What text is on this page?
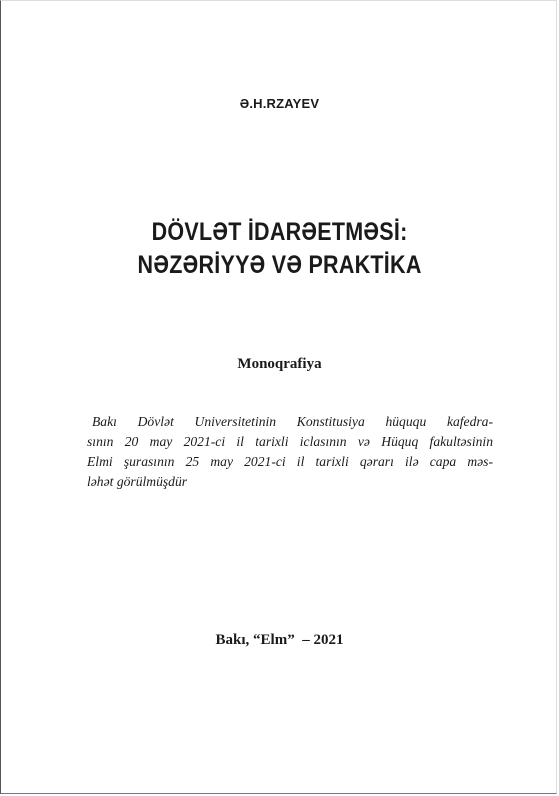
Ə.H.RZAYEV
DÖVLƏT İDARƏETMƏSİ:
NƏZƏRİYYƏ VƏ PRAKTİKA
Monoqrafiya
Bakı Dövlət Universitetinin Konstitusiya hüququ kafedra-
sının 20 may 2021-ci il tarixli iclasının və Hüquq fakultəsinin
Elmi şurasının 25 may 2021-ci il tarixli qərarı ilə capa məs-
ləhət görülmüşdür
Bakı, “Elm”  – 2021
